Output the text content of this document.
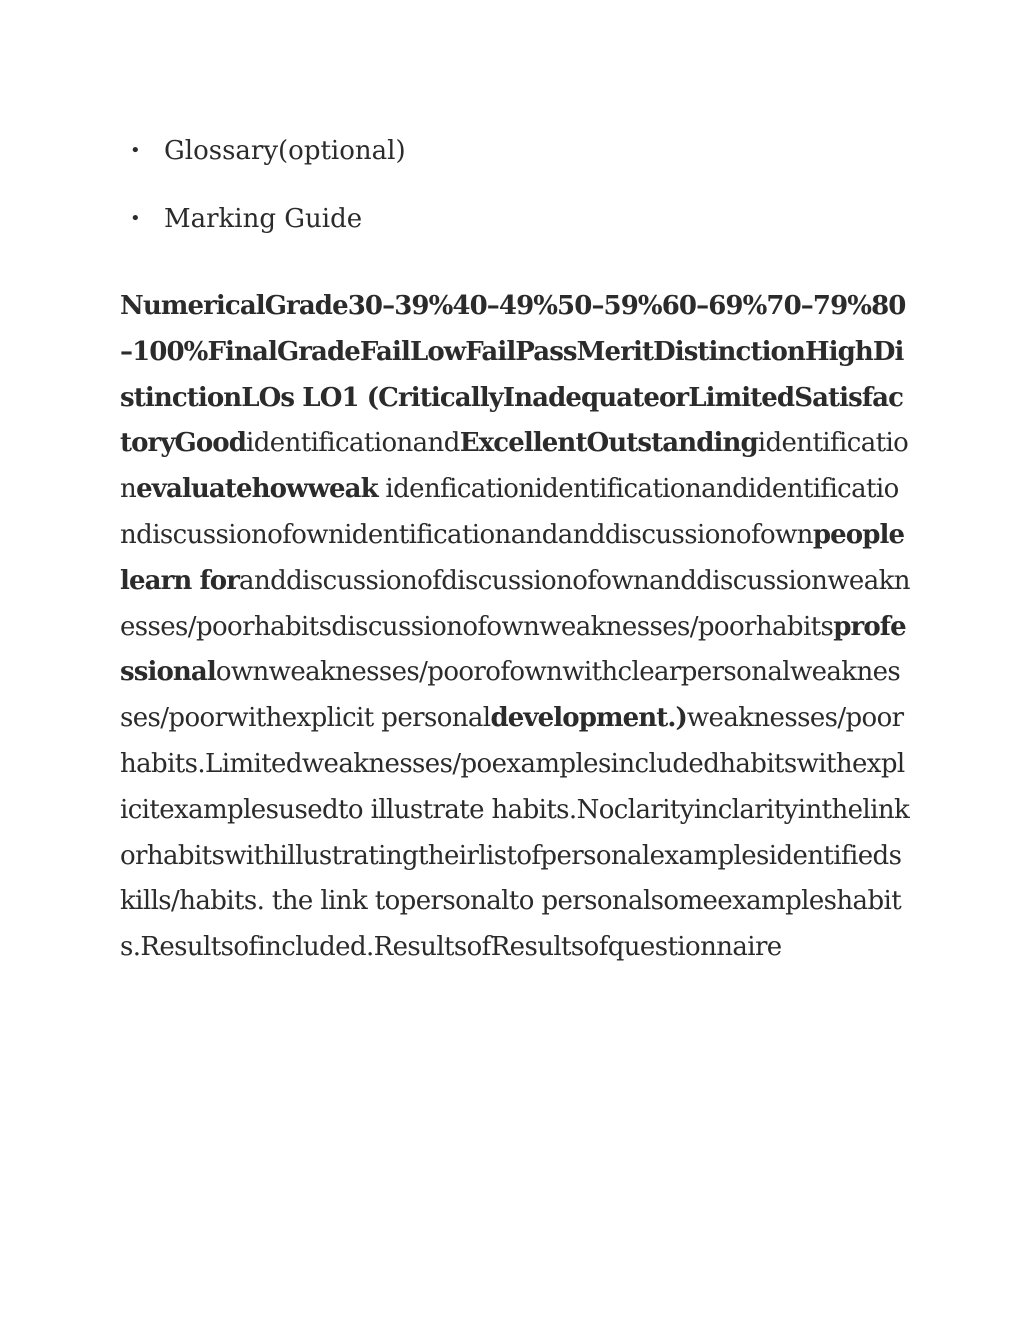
• Glossary(optional)
• Marking Guide

NumericalGrade30–39%40–49%50–59%60–69%70–79%80–100%FinalGradeFailLowFailPassMeritDistinctionHighDistinctionLOs LO1 (CriticallyInadequateorLimitedSatisfactoryGoodidentificationandExcellentOutstandingidentificationevaluatehowweak idenficationidentificationandidentificationdiscussionofownidentificationandanddiscussionofownpeoplelearn foranddiscussionofdiscussionofownanddiscussionweaknesses/poorhabitsdiscussionofownweaknesses/poorhabitsprofessionalownweaknesses/poorofownwithclearpersonalweaknesses/poorwithexplicit personaldevelopment.)weaknesses/poorhabits.Limitedweaknesses/poexamplesincludedhabitswithexplicitexamplesusedto illustrate habits.Noclarityinclarityinthelinkorhabitswithillustratingtheirlistofpersonalexamplesidentifiedskills/habits. the link topersonalto personalsomeexampleshabits.Resultsofincluded.ResultsofResultsofquestionnaire
